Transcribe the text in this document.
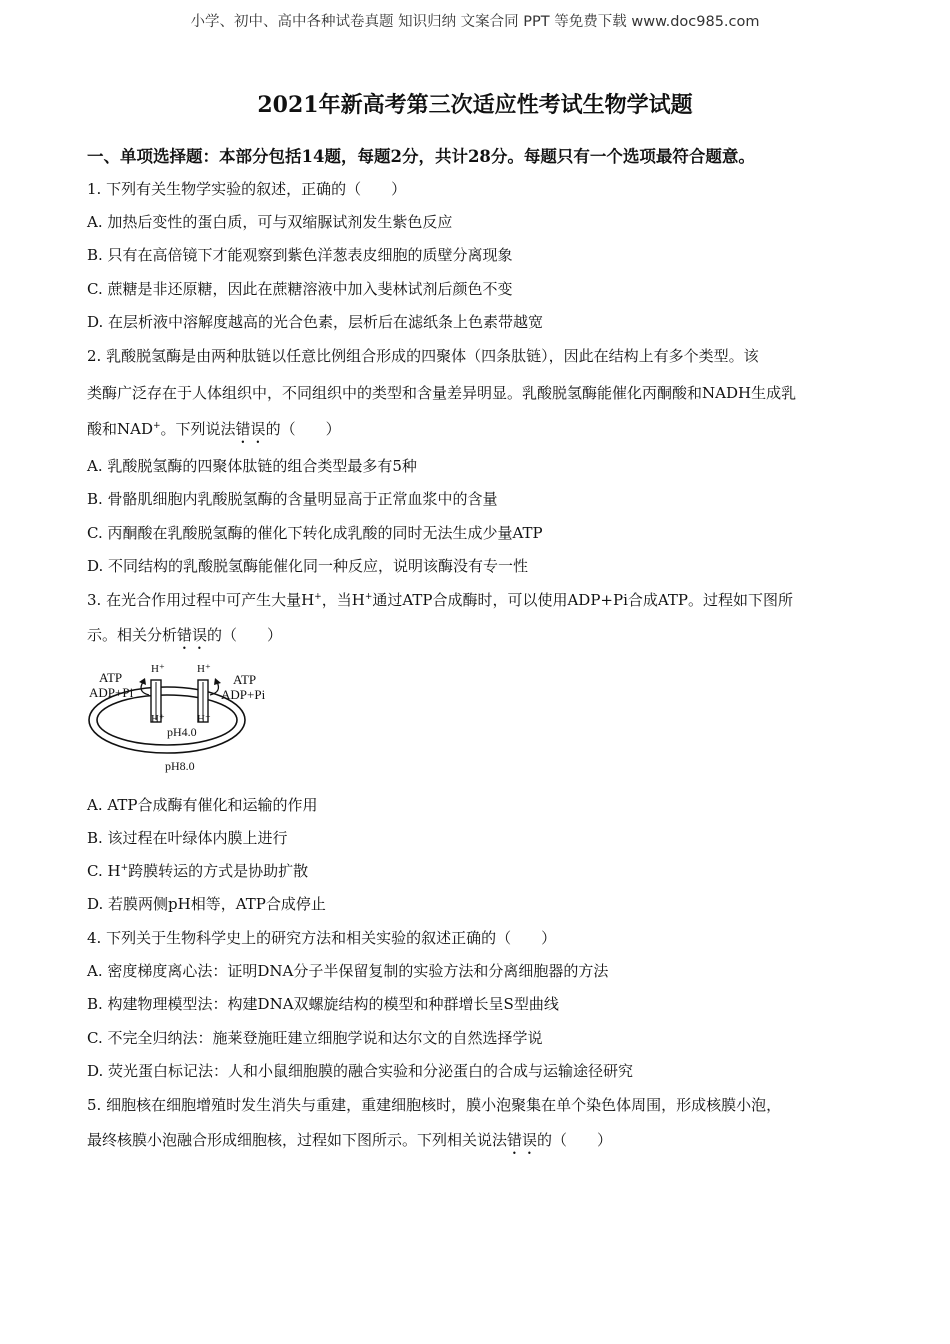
小学、初中、高中各种试卷真题 知识归纳 文案合同 PPT 等免费下载 www.doc985.com
2021年新高考第三次适应性考试生物学试题
一、单项选择题：本部分包括14题，每题2分，共计28分。每题只有一个选项最符合题意。
1. 下列有关生物学实验的叙述，正确的（　　）
A. 加热后变性的蛋白质，可与双缩脲试剂发生紫色反应
B. 只有在高倍镜下才能观察到紫色洋葱表皮细胞的质壁分离现象
C. 蔗糖是非还原糖，因此在蔗糖溶液中加入斐林试剂后颜色不变
D. 在层析液中溶解度越高的光合色素，层析后在滤纸条上色素带越宽
2. 乳酸脱氢酶是由两种肽链以任意比例组合形成的四聚体（四条肽链），因此在结构上有多个类型。该
类酶广泛存在于人体组织中，不同组织中的类型和含量差异明显。乳酸脱氢酶能催化丙酮酸和NADH生成乳
酸和NAD+。下列说法错误的（　　）
A. 乳酸脱氢酶的四聚体肽链的组合类型最多有5种
B. 骨骼肌细胞内乳酸脱氢酶的含量明显高于正常血浆中的含量
C. 丙酮酸在乳酸脱氢酶的催化下转化成乳酸的同时无法生成少量ATP
D. 不同结构的乳酸脱氢酶能催化同一种反应，说明该酶没有专一性
3. 在光合作用过程中可产生大量H+，当H+通过ATP合成酶时，可以使用ADP+Pi合成ATP。过程如下图所
示。相关分析错误的（　　）
ATP
ADP+Pi
ATP
ADP+Pi
H⁺	H⁺
H⁺	H⁺
pH4.0
pH8.0
A. ATP合成酶有催化和运输的作用
B. 该过程在叶绿体内膜上进行
C. H+跨膜转运的方式是协助扩散
D. 若膜两侧pH相等，ATP合成停止
4. 下列关于生物科学史上的研究方法和相关实验的叙述正确的（　　）
A. 密度梯度离心法：证明DNA分子半保留复制的实验方法和分离细胞器的方法
B. 构建物理模型法：构建DNA双螺旋结构的模型和种群增长呈S型曲线
C. 不完全归纳法：施莱登施旺建立细胞学说和达尔文的自然选择学说
D. 荧光蛋白标记法：人和小鼠细胞膜的融合实验和分泌蛋白的合成与运输途径研究
5. 细胞核在细胞增殖时发生消失与重建，重建细胞核时，膜小泡聚集在单个染色体周围，形成核膜小泡，
最终核膜小泡融合形成细胞核，过程如下图所示。下列相关说法错误的（　　）
